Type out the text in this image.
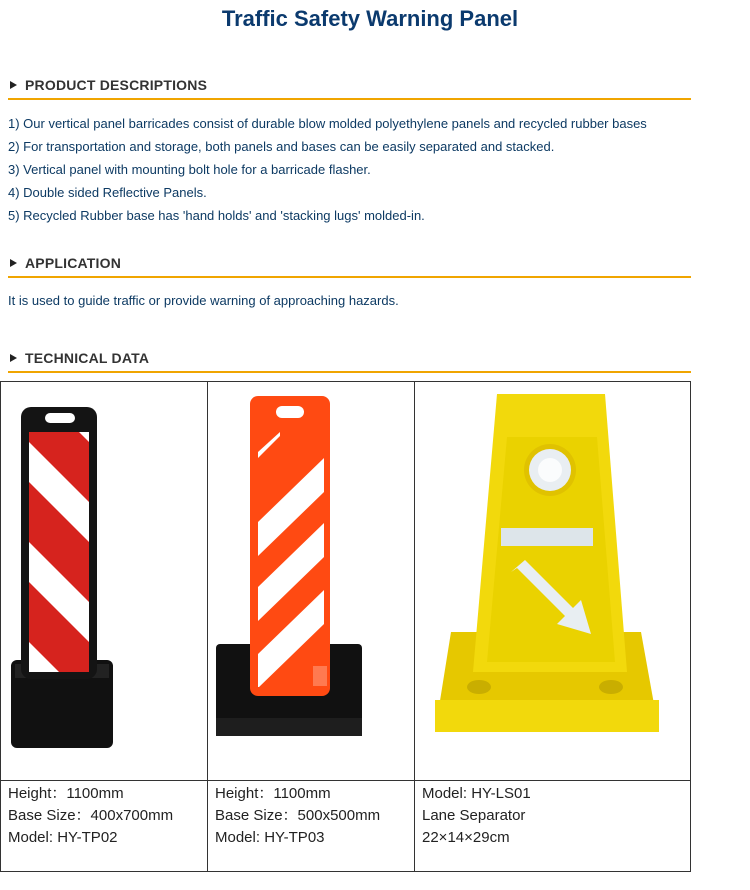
Traffic Safety Warning Panel
PRODUCT DESCRIPTIONS
1) Our vertical panel barricades consist of durable blow molded polyethylene panels and recycled rubber bases
2) For transportation and storage, both panels and bases can be easily separated and stacked.
3) Vertical panel with mounting bolt hole for a barricade flasher.
4) Double sided Reflective Panels.
5) Recycled Rubber base has 'hand holds' and 'stacking lugs' molded-in.
APPLICATION
It is used to guide traffic or provide warning of approaching hazards.
TECHNICAL DATA
Height：1100mm
Base Size：400x700mm
Model: HY-TP02
Height：1100mm
Base Size：500x500mm
Model: HY-TP03
Model: HY-LS01
Lane Separator
22×14×29cm
